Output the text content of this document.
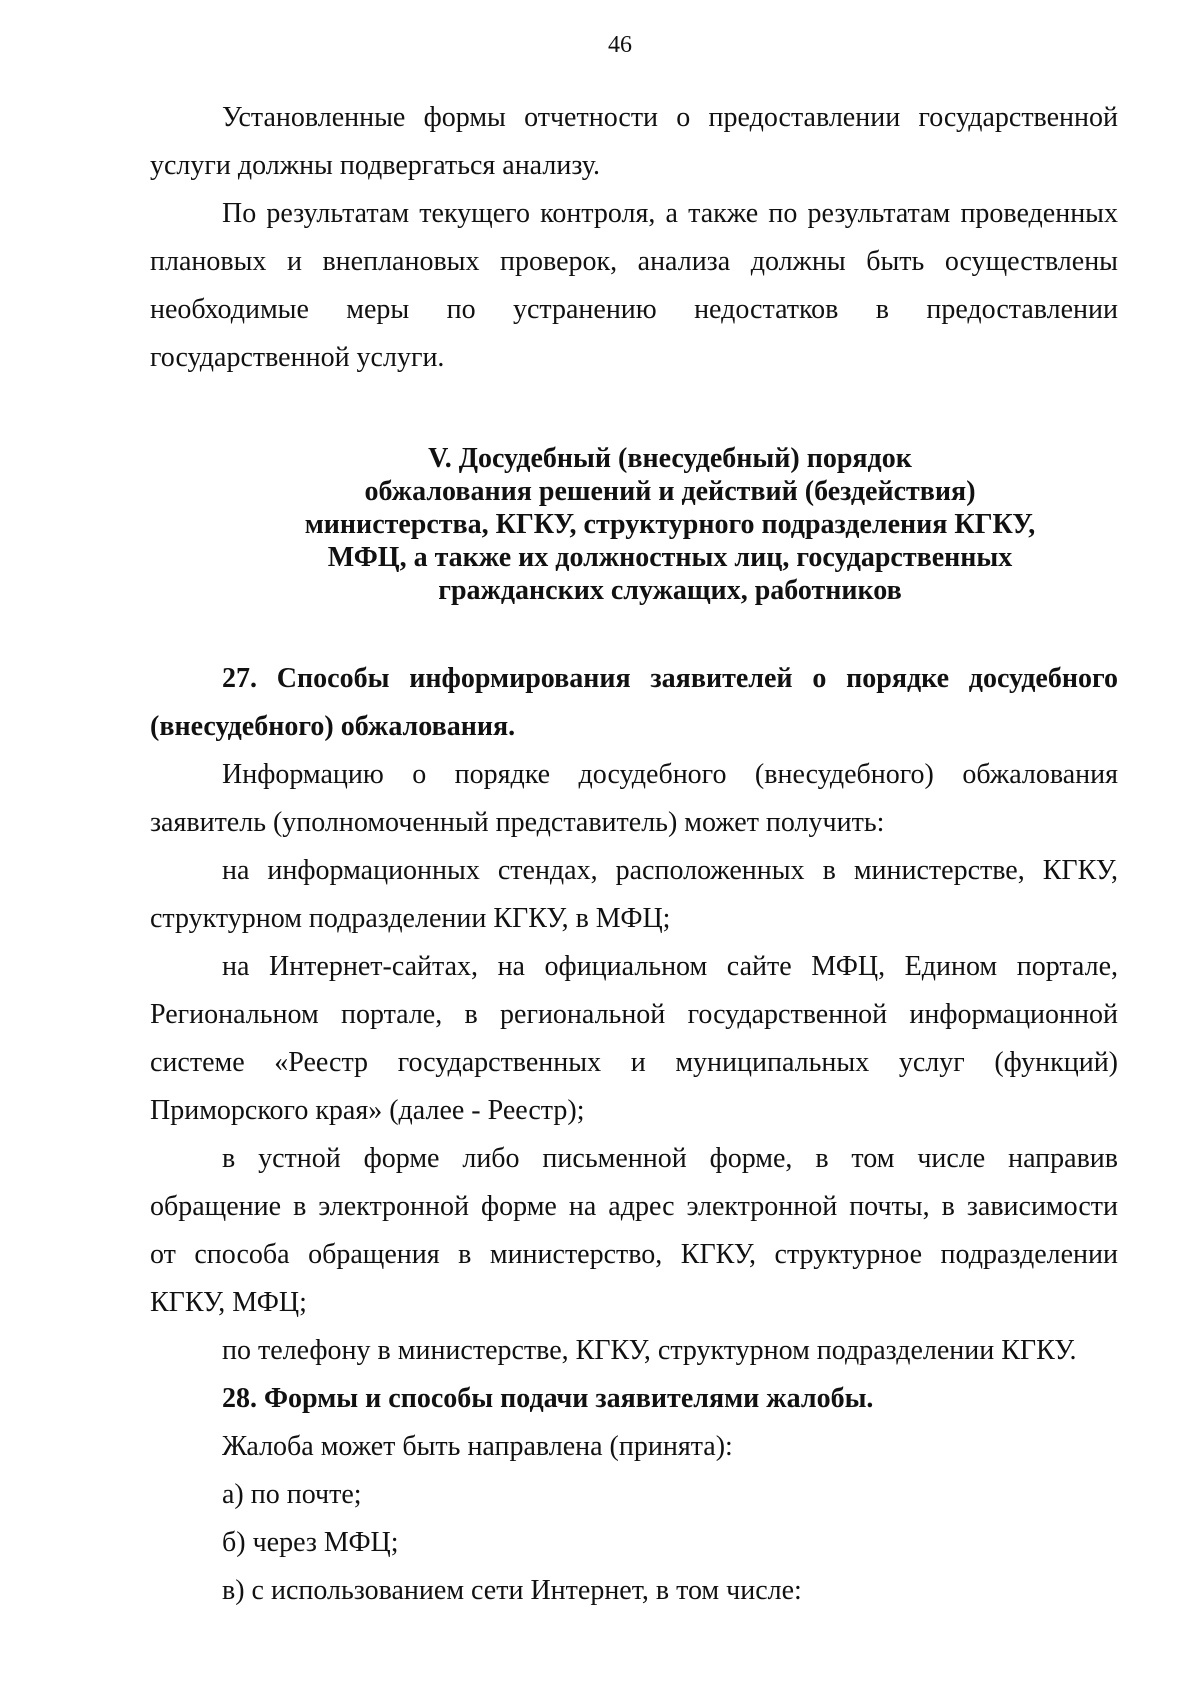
46

Установленные формы отчетности о предоставлении государственной

услуги должны подвергаться анализу.

По результатам текущего контроля, а также по результатам проведенных

плановых и внеплановых проверок, анализа должны быть осуществлены

необходимые меры по устранению недостатков в предоставлении

государственной услуги.

V. Досудебный (внесудебный) порядок
обжалования решений и действий (бездействия)
министерства, КГКУ, структурного подразделения КГКУ,
МФЦ, а также их должностных лиц, государственных
гражданских служащих, работников

27. Способы информирования заявителей о порядке досудебного

(внесудебного) обжалования.

Информацию о порядке досудебного (внесудебного) обжалования

заявитель (уполномоченный представитель) может получить:

на информационных стендах, расположенных в министерстве, КГКУ,

структурном подразделении КГКУ, в МФЦ;

на Интернет-сайтах, на официальном сайте МФЦ, Едином портале,

Региональном портале, в региональной государственной информационной

системе «Реестр государственных и муниципальных услуг (функций)

Приморского края» (далее - Реестр);

в устной форме либо письменной форме, в том числе направив

обращение в электронной форме на адрес электронной почты, в зависимости

от способа обращения в министерство, КГКУ, структурное подразделении

КГКУ, МФЦ;

по телефону в министерстве, КГКУ, структурном подразделении КГКУ.

28. Формы и способы подачи заявителями жалобы.

Жалоба может быть направлена (принята):

а) по почте;

б) через МФЦ;

в) с использованием сети Интернет, в том числе:
